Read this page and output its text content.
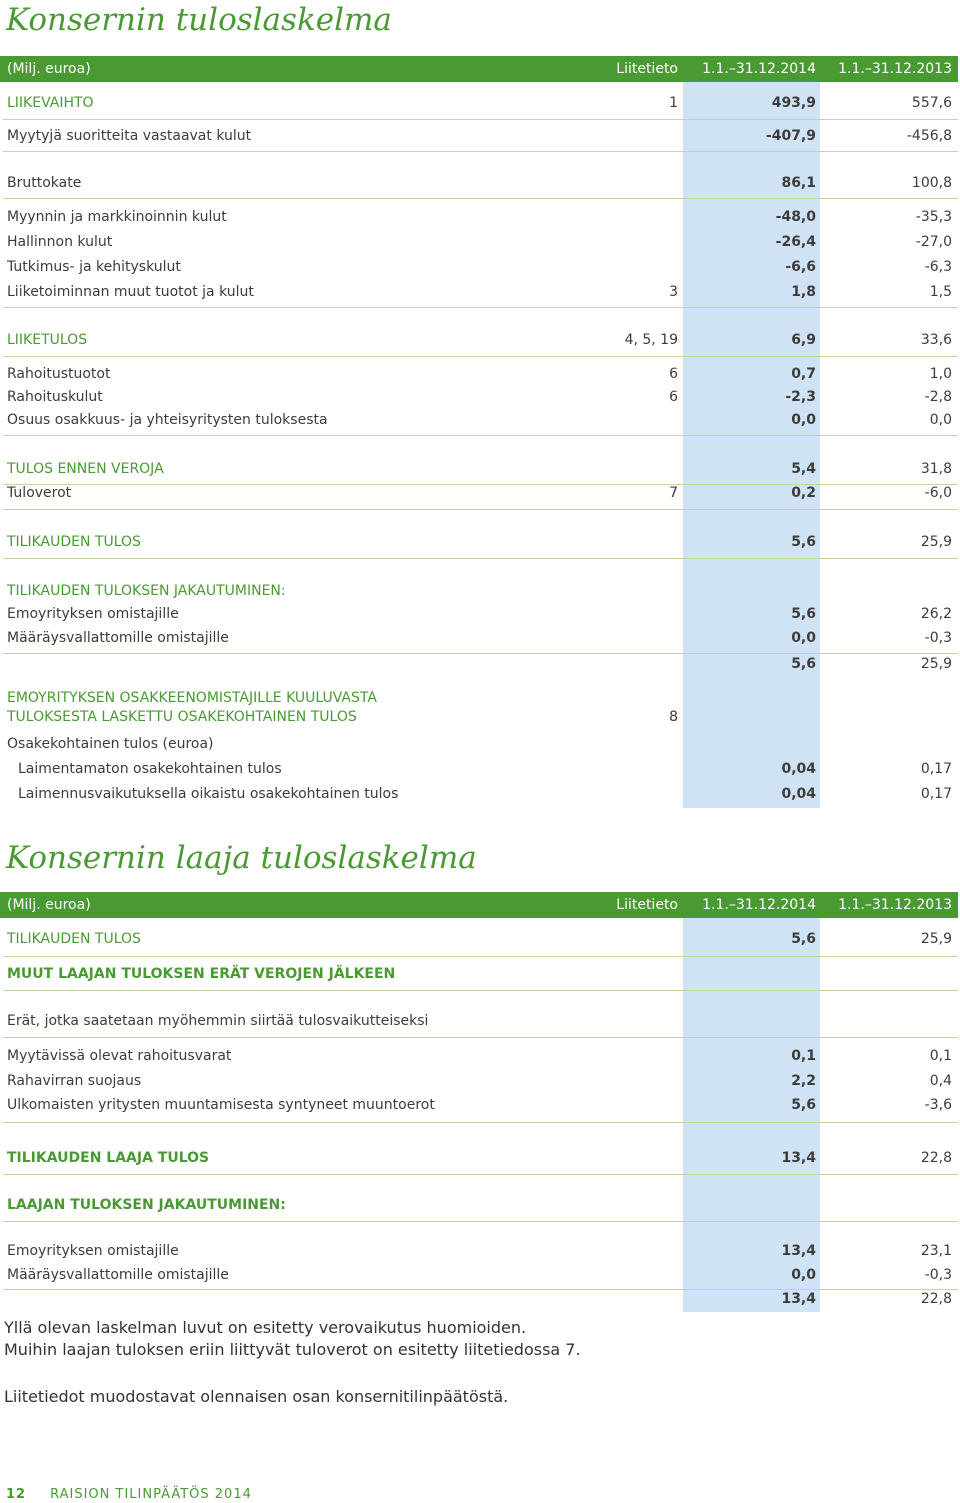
Konsernin tuloslaskelma
(Milj. euroa)	Liitetieto 1.1.–31.12.2014 1.1.–31.12.2013
LIIKEVAIHTO	1	493,9	557,6
Myytyjä suoritteita vastaavat kulut	-407,9	-456,8
Bruttokate	86,1	100,8
Myynnin ja markkinoinnin kulut	-48,0	-35,3
Hallinnon kulut	-26,4	-27,0
Tutkimus- ja kehityskulut	-6,6	-6,3
Liiketoiminnan muut tuotot ja kulut	3	1,8	1,5
LIIKETULOS	4, 5, 19	6,9	33,6
Rahoitustuotot	6	0,7	1,0
Rahoituskulut	6	-2,3	-2,8
Osuus osakkuus- ja yhteisyritysten tuloksesta	0,0	0,0
TULOS ENNEN VEROJA	5,4	31,8
Tuloverot	7	0,2	-6,0
TILIKAUDEN TULOS	5,6	25,9
TILIKAUDEN TULOKSEN JAKAUTUMINEN:
Emoyrityksen omistajille	5,6	26,2
Määräysvallattomille omistajille	0,0	-0,3
5,6	25,9
EMOYRITYKSEN OSAKKEENOMISTAJILLE KUULUVASTA
TULOKSESTA LASKETTU OSAKEKOHTAINEN TULOS	8
Osakekohtainen tulos (euroa)
Laimentamaton osakekohtainen tulos	0,04	0,17
Laimennusvaikutuksella oikaistu osakekohtainen tulos	0,04	0,17
Konsernin laaja tuloslaskelma
(Milj. euroa)	Liitetieto 1.1.–31.12.2014 1.1.–31.12.2013
TILIKAUDEN TULOS	5,6	25,9
MUUT LAAJAN TULOKSEN ERÄT VEROJEN JÄLKEEN
Erät, jotka saatetaan myöhemmin siirtää tulosvaikutteiseksi
Myytävissä olevat rahoitusvarat	0,1	0,1
Rahavirran suojaus	2,2	0,4
Ulkomaisten yritysten muuntamisesta syntyneet muuntoerot	5,6	-3,6
TILIKAUDEN LAAJA TULOS	13,4	22,8
LAAJAN TULOKSEN JAKAUTUMINEN:
Emoyrityksen omistajille	13,4	23,1
Määräysvallattomille omistajille	0,0	-0,3
13,4	22,8
Yllä olevan laskelman luvut on esitetty verovaikutus huomioiden.
Muihin laajan tuloksen eriin liittyvät tuloverot on esitetty liitetiedossa 7.
Liitetiedot muodostavat olennaisen osan konsernitilinpäätöstä.
12 RAISION TILINPÄÄTÖS 2014
